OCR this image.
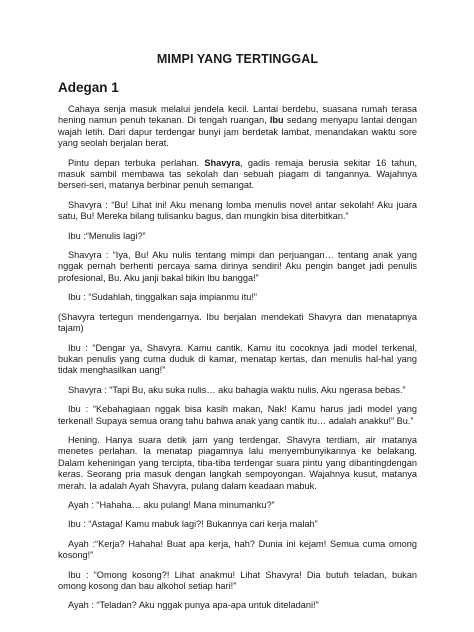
MIMPI YANG TERTINGGAL
Adegan 1

Cahaya senja masuk melalui jendela kecil. Lantai berdebu, suasana rumah terasa hening namun penuh tekanan. Di tengah ruangan, Ibu sedang menyapu lantai dengan wajah letih. Dari dapur terdengar bunyi jam berdetak lambat, menandakan waktu sore yang seolah berjalan berat.

Pintu depan terbuka perlahan. Shavyra, gadis remaja berusia sekitar 16 tahun, masuk sambil membawa tas sekolah dan sebuah piagam di tangannya. Wajahnya berseri-seri, matanya berbinar penuh semangat.

Shavyra : “Bu! Lihat ini! Aku menang lomba menulis novel antar sekolah! Aku juara satu, Bu! Mereka bilang tulisanku bagus, dan mungkin bisa diterbitkan.”

Ibu :“Menulis lagi?”

Shavyra : “Iya, Bu! Aku nulis tentang mimpi dan perjuangan… tentang anak yang nggak pernah berhenti percaya sama dirinya sendiri! Aku pengin banget jadi penulis profesional, Bu. Aku janji bakal bikin Ibu bangga!”

Ibu : “Sudahlah, tinggalkan saja impianmu itu!”

(Shavyra tertegun mendengarnya. Ibu berjalan mendekati Shavyra dan menatapnya tajam)

Ibu : “Dengar ya, Shavyra. Kamu cantik. Kamu itu cocoknya jadi model terkenal, bukan penulis yang cuma duduk di kamar, menatap kertas, dan menulis hal-hal yang tidak menghasilkan uang!”

Shavyra : “Tapi Bu, aku suka nulis… aku bahagia waktu nulis. Aku ngerasa bebas.”

Ibu : “Kebahagiaan nggak bisa kasih makan, Nak! Kamu harus jadi model yang terkenal! Supaya semua orang tahu bahwa anak yang cantik itu… adalah anakku!” Bu.”

Hening. Hanya suara detik jam yang terdengar. Shavyra terdiam, air matanya menetes perlahan. Ia menatap piagamnya lalu menyembunyikannya ke belakang. Dalam keheningan yang tercipta, tiba-tiba terdengar suara pintu yang dibantingdengan keras. Seorang pria masuk dengan langkah sempoyongan. Wajahnya kusut, matanya merah. Ia adalah Ayah Shavyra, pulang dalam keadaan mabuk.

Ayah : “Hahaha… aku pulang! Mana minumanku?”

Ibu : “Astaga! Kamu mabuk lagi?! Bukannya cari kerja malah”

Ayah :“Kerja? Hahaha! Buat apa kerja, hah? Dunia ini kejam! Semua cuma omong kosong!”

Ibu : “Omong kosong?! Lihat anakmu! Lihat Shavyra! Dia butuh teladan, bukan omong kosong dan bau alkohol setiap hari!”

Ayah : “Teladan? Aku nggak punya apa-apa untuk diteladani!”
